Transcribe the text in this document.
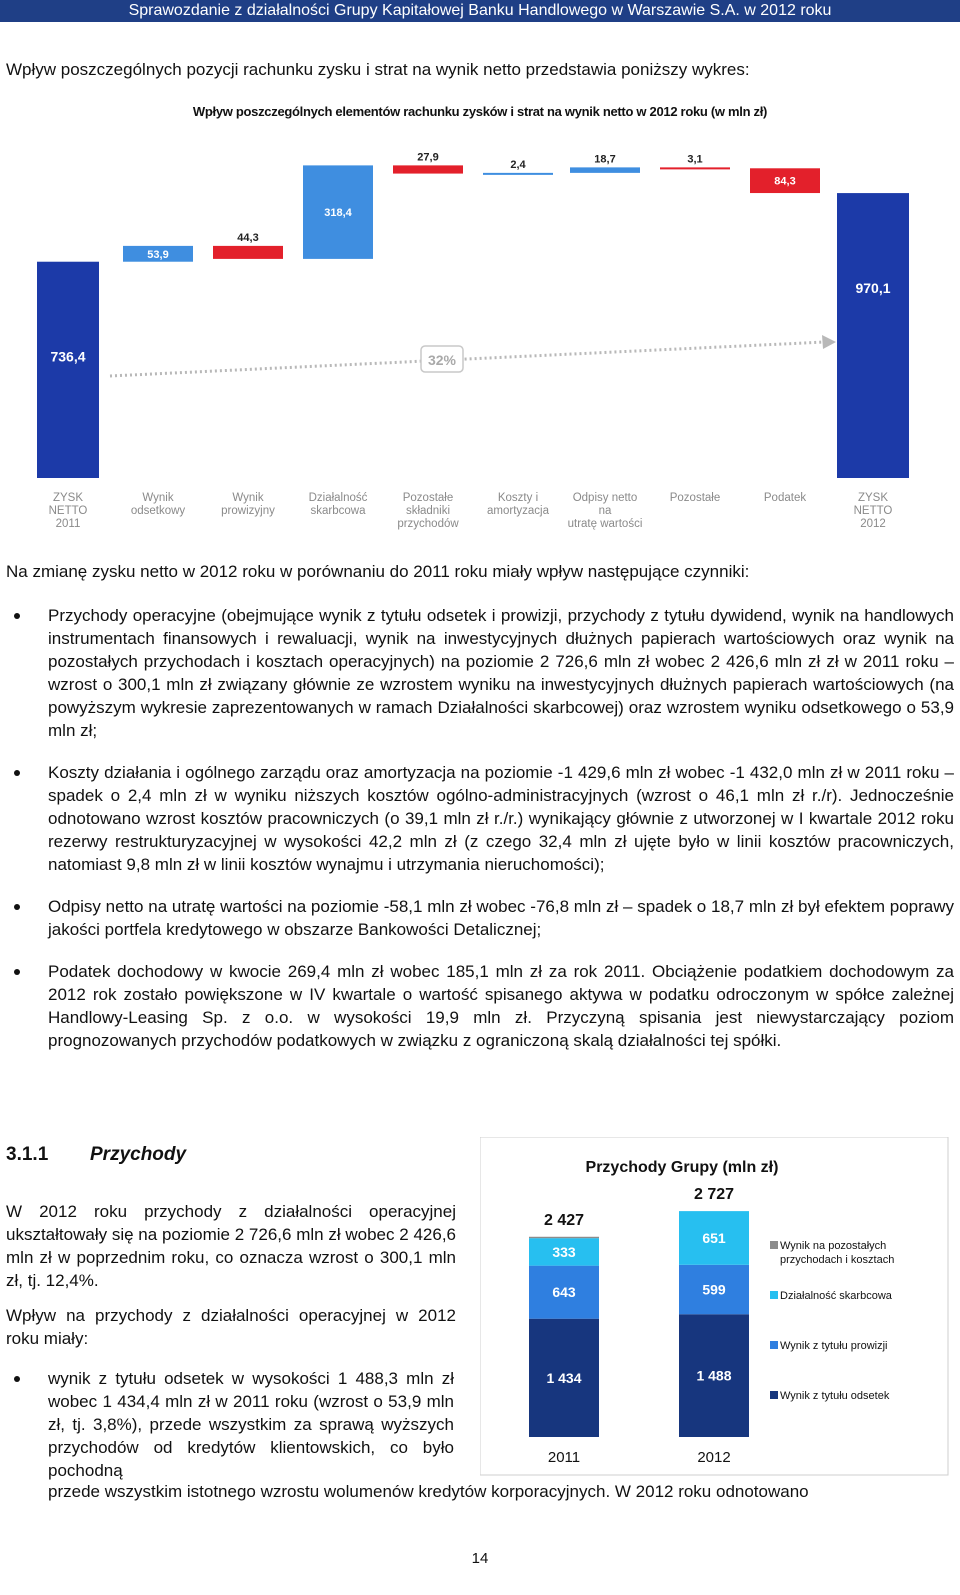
Sprawozdanie z działalności Grupy Kapitałowej Banku Handlowego w Warszawie S.A. w 2012 roku
Wpływ poszczególnych pozycji rachunku zysku i strat na wynik netto przedstawia poniższy wykres:
Wpływ poszczególnych elementów rachunku zysków i strat na wynik netto w 2012 roku (w mln zł)
736,4
53,9
44,3
318,4
27,9
2,4	18,7	3,1
84,3
970,1
32%
ZYSK
NETTO
2011
Wynik
odsetkowy
Wynik
prowizyjny
Działalność
skarbcowa
Pozostałe
składniki
przychodów
Koszty i
amortyzacja
Odpisy netto na
utratę wartości
Pozostałe	Podatek	ZYSK
NETTO
2012
Na zmianę zysku netto w 2012 roku w porównaniu do 2011 roku miały wpływ następujące czynniki:
Przychody operacyjne (obejmujące wynik z tytułu odsetek i prowizji, przychody z tytułu dywidend, wynik na handlowych instrumentach finansowych i rewaluacji, wynik na inwestycyjnych dłużnych papierach wartościowych oraz wynik na pozostałych przychodach i kosztach operacyjnych) na poziomie 2 726,6 mln zł wobec 2 426,6 mln zł zł w 2011 roku – wzrost o 300,1 mln zł związany głównie ze wzrostem wyniku na inwestycyjnych dłużnych papierach wartościowych (na powyższym wykresie zaprezentowanych w ramach Działalności skarbcowej) oraz wzrostem wyniku odsetkowego o 53,9 mln zł;
Koszty działania i ogólnego zarządu oraz amortyzacja na poziomie -1 429,6 mln zł wobec -1 432,0 mln zł w 2011 roku – spadek o 2,4 mln zł w wyniku niższych kosztów ogólno-administracyjnych (wzrost o 46,1 mln zł r./r). Jednocześnie odnotowano wzrost kosztów pracowniczych (o 39,1 mln zł r./r.) wynikający głównie z utworzonej w I kwartale 2012 roku rezerwy restrukturyzacyjnej w wysokości 42,2 mln zł (z czego 32,4 mln zł ujęte było w linii kosztów pracowniczych, natomiast 9,8 mln zł w linii kosztów wynajmu i utrzymania nieruchomości);
Odpisy netto na utratę wartości na poziomie -58,1 mln zł wobec -76,8 mln zł – spadek o 18,7 mln zł był efektem poprawy jakości portfela kredytowego w obszarze Bankowości Detalicznej;
Podatek dochodowy w kwocie 269,4 mln zł wobec 185,1 mln zł za rok 2011. Obciążenie podatkiem dochodowym za 2012 rok zostało powiększone w IV kwartale o wartość spisanego aktywa w podatku odroczonym w spółce zależnej Handlowy-Leasing Sp. z o.o. w wysokości 19,9 mln zł. Przyczyną spisania jest niewystarczający poziom prognozowanych przychodów podatkowych w związku z ograniczoną skalą działalności tej spółki.
3.1.1 Przychody
W 2012 roku przychody z działalności operacyjnej ukształtowały się na poziomie 2 726,6 mln zł wobec 2 426,6 mln zł w poprzednim roku, co oznacza wzrost o 300,1 mln zł, tj. 12,4%.
Wpływ na przychody z działalności operacyjnej w 2012 roku miały:
wynik z tytułu odsetek w wysokości 1 488,3 mln zł wobec 1 434,4 mln zł w 2011 roku (wzrost o 53,9 mln zł, tj. 3,8%), przede wszystkim za sprawą wyższych przychodów od kredytów klientowskich, co było pochodną
przede wszystkim istotnego wzrostu wolumenów kredytów korporacyjnych. W 2012 roku odnotowano
Przychody Grupy (mln zł)
1 434
643
333
2 427
2011
1 488
599
651
2 727
2012
Wynik na pozostałych
przychodach i kosztach
Działalność skarbcowa
Wynik z tytułu prowizji
Wynik z tytułu odsetek
14
